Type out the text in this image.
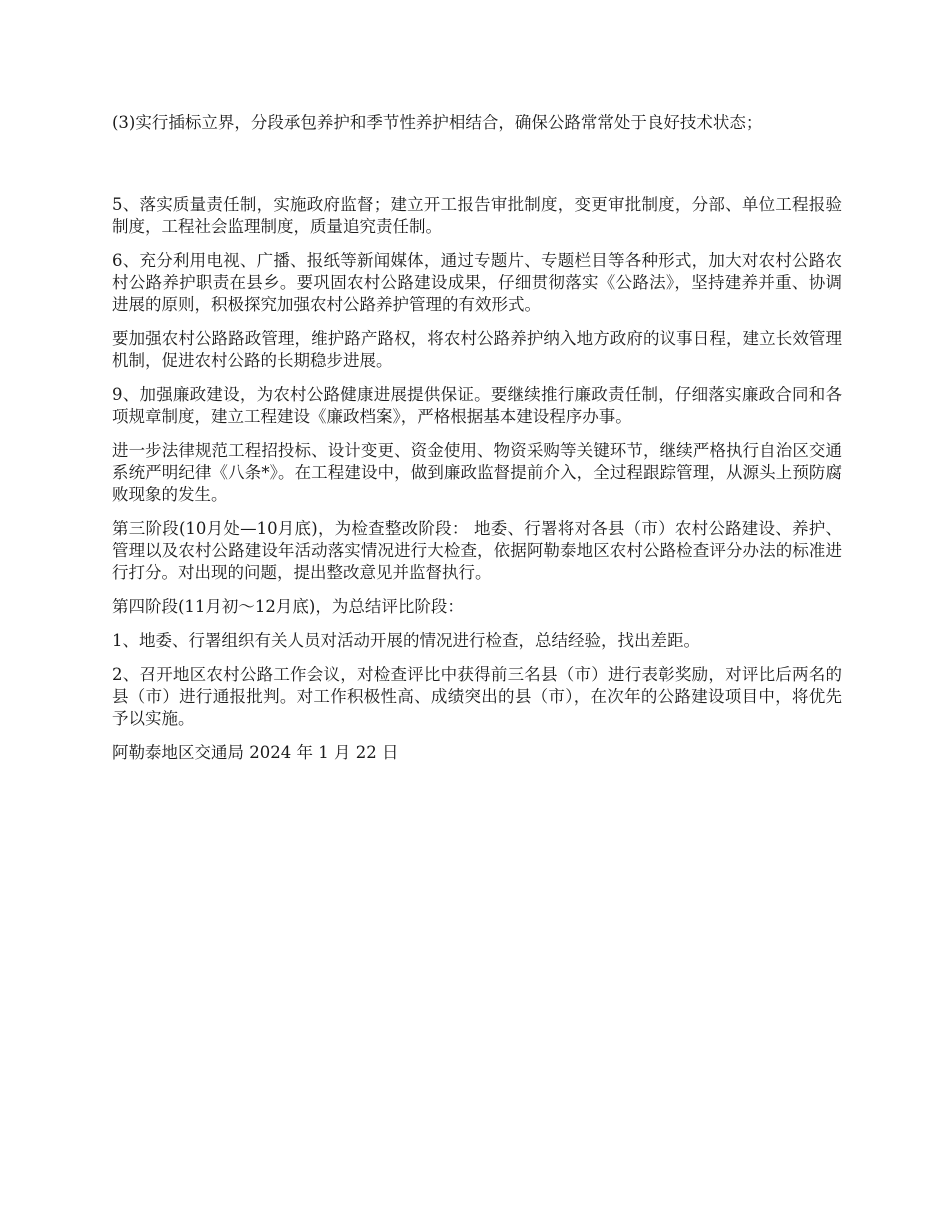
(3)实行插标立界，分段承包养护和季节性养护相结合，确保公路常常处于良好技术状态；

5、落实质量责任制，实施政府监督；建立开工报告审批制度，变更审批制度，分部、单位工程报验制度，工程社会监理制度，质量追究责任制。

6、充分利用电视、广播、报纸等新闻媒体，通过专题片、专题栏目等各种形式，加大对农村公路农村公路养护职责在县乡。要巩固农村公路建设成果，仔细贯彻落实《公路法》，坚持建养并重、协调进展的原则，积极探究加强农村公路养护管理的有效形式。

要加强农村公路路政管理，维护路产路权，将农村公路养护纳入地方政府的议事日程，建立长效管理机制，促进农村公路的长期稳步进展。

9、加强廉政建设，为农村公路健康进展提供保证。要继续推行廉政责任制，仔细落实廉政合同和各项规章制度，建立工程建设《廉政档案》，严格根据基本建设程序办事。

进一步法律规范工程招投标、设计变更、资金使用、物资采购等关键环节，继续严格执行自治区交通系统严明纪律《八条*》。在工程建设中，做到廉政监督提前介入，全过程跟踪管理，从源头上预防腐败现象的发生。

第三阶段(10月处—10月底)，为检查整改阶段： 地委、行署将对各县（市）农村公路建设、养护、管理以及农村公路建设年活动落实情况进行大检查，依据阿勒泰地区农村公路检查评分办法的标准进行打分。对出现的问题，提出整改意见并监督执行。

第四阶段(11月初～12月底)，为总结评比阶段：

1、地委、行署组织有关人员对活动开展的情况进行检查，总结经验，找出差距。

2、召开地区农村公路工作会议，对检查评比中获得前三名县（市）进行表彰奖励，对评比后两名的县（市）进行通报批判。对工作积极性高、成绩突出的县（市），在次年的公路建设项目中，将优先予以实施。

阿勒泰地区交通局 2024 年 1 月 22 日
